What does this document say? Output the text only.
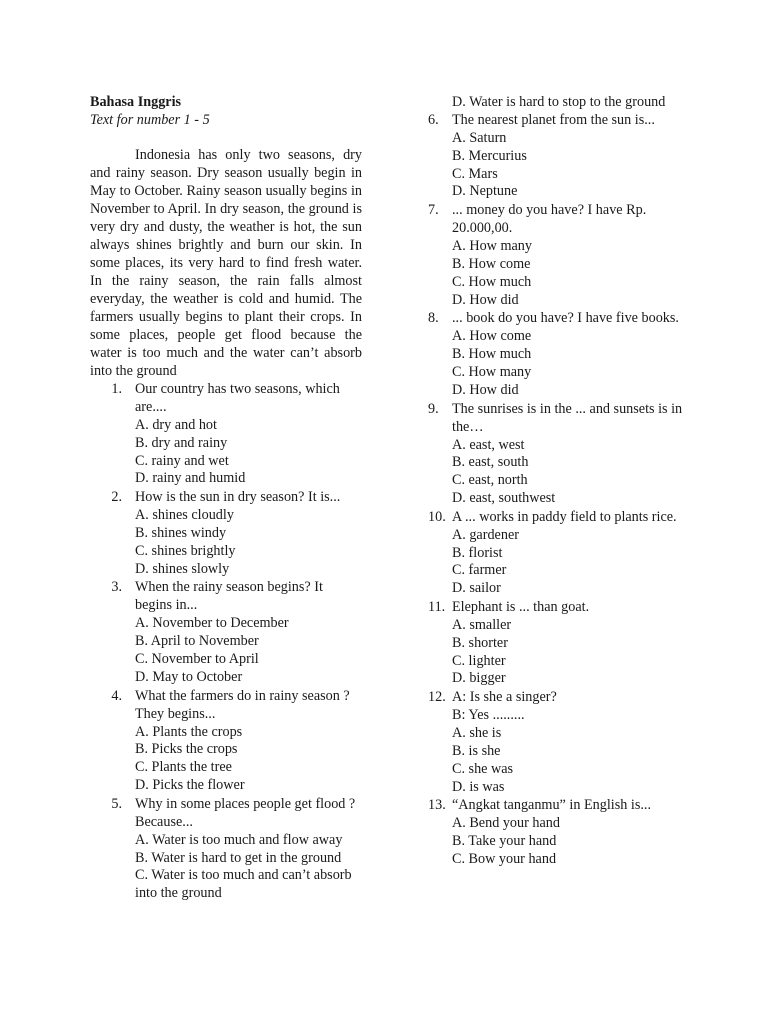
Bahasa Inggris
Text for number 1 - 5
Indonesia has only two seasons, dry and rainy season. Dry season usually begin in May to October. Rainy season usually begins in November to April. In dry season, the ground is very dry and dusty, the weather is hot, the sun always shines brightly and burn our skin. In some places, its very hard to find fresh water. In the rainy season, the rain falls almost everyday, the weather is cold and humid. The farmers usually begins to plant their crops. In some places, people get flood because the water is too much and the water can’t absorb into the ground
1. Our country has two seasons, which are....
A. dry and hot
B. dry and rainy
C. rainy and wet
D. rainy and humid
2. How is the sun in dry season? It is...
A. shines cloudly
B. shines windy
C. shines brightly
D. shines slowly
3. When the rainy season begins? It begins in...
A. November to December
B. April to November
C. November to April
D. May to October
4. What the farmers do in rainy season ? They begins...
A. Plants the crops
B. Picks the crops
C. Plants the tree
D. Picks the flower
5. Why in some places people get flood ? Because...
A. Water is too much and flow away
B. Water is hard to get in the ground
C. Water is too much and can’t absorb into the ground
D. Water is hard to stop to the ground
6. The nearest planet from the sun is...
A. Saturn
B. Mercurius
C. Mars
D. Neptune
7. ... money do you have? I have Rp. 20.000,00.
A. How many
B. How come
C. How much
D. How did
8. ... book do you have? I have five books.
A. How come
B. How much
C. How many
D. How did
9. The sunrises is in the ... and sunsets is in the…
A. east, west
B. east, south
C. east, north
D. east, southwest
10. A ... works in paddy field to plants rice.
A. gardener
B. florist
C. farmer
D. sailor
11. Elephant is ... than goat.
A. smaller
B. shorter
C. lighter
D. bigger
12. A: Is she a singer?
B: Yes .........
A. she is
B. is she
C. she was
D. is was
13. “Angkat tanganmu” in English is...
A. Bend your hand
B. Take your hand
C. Bow your hand
